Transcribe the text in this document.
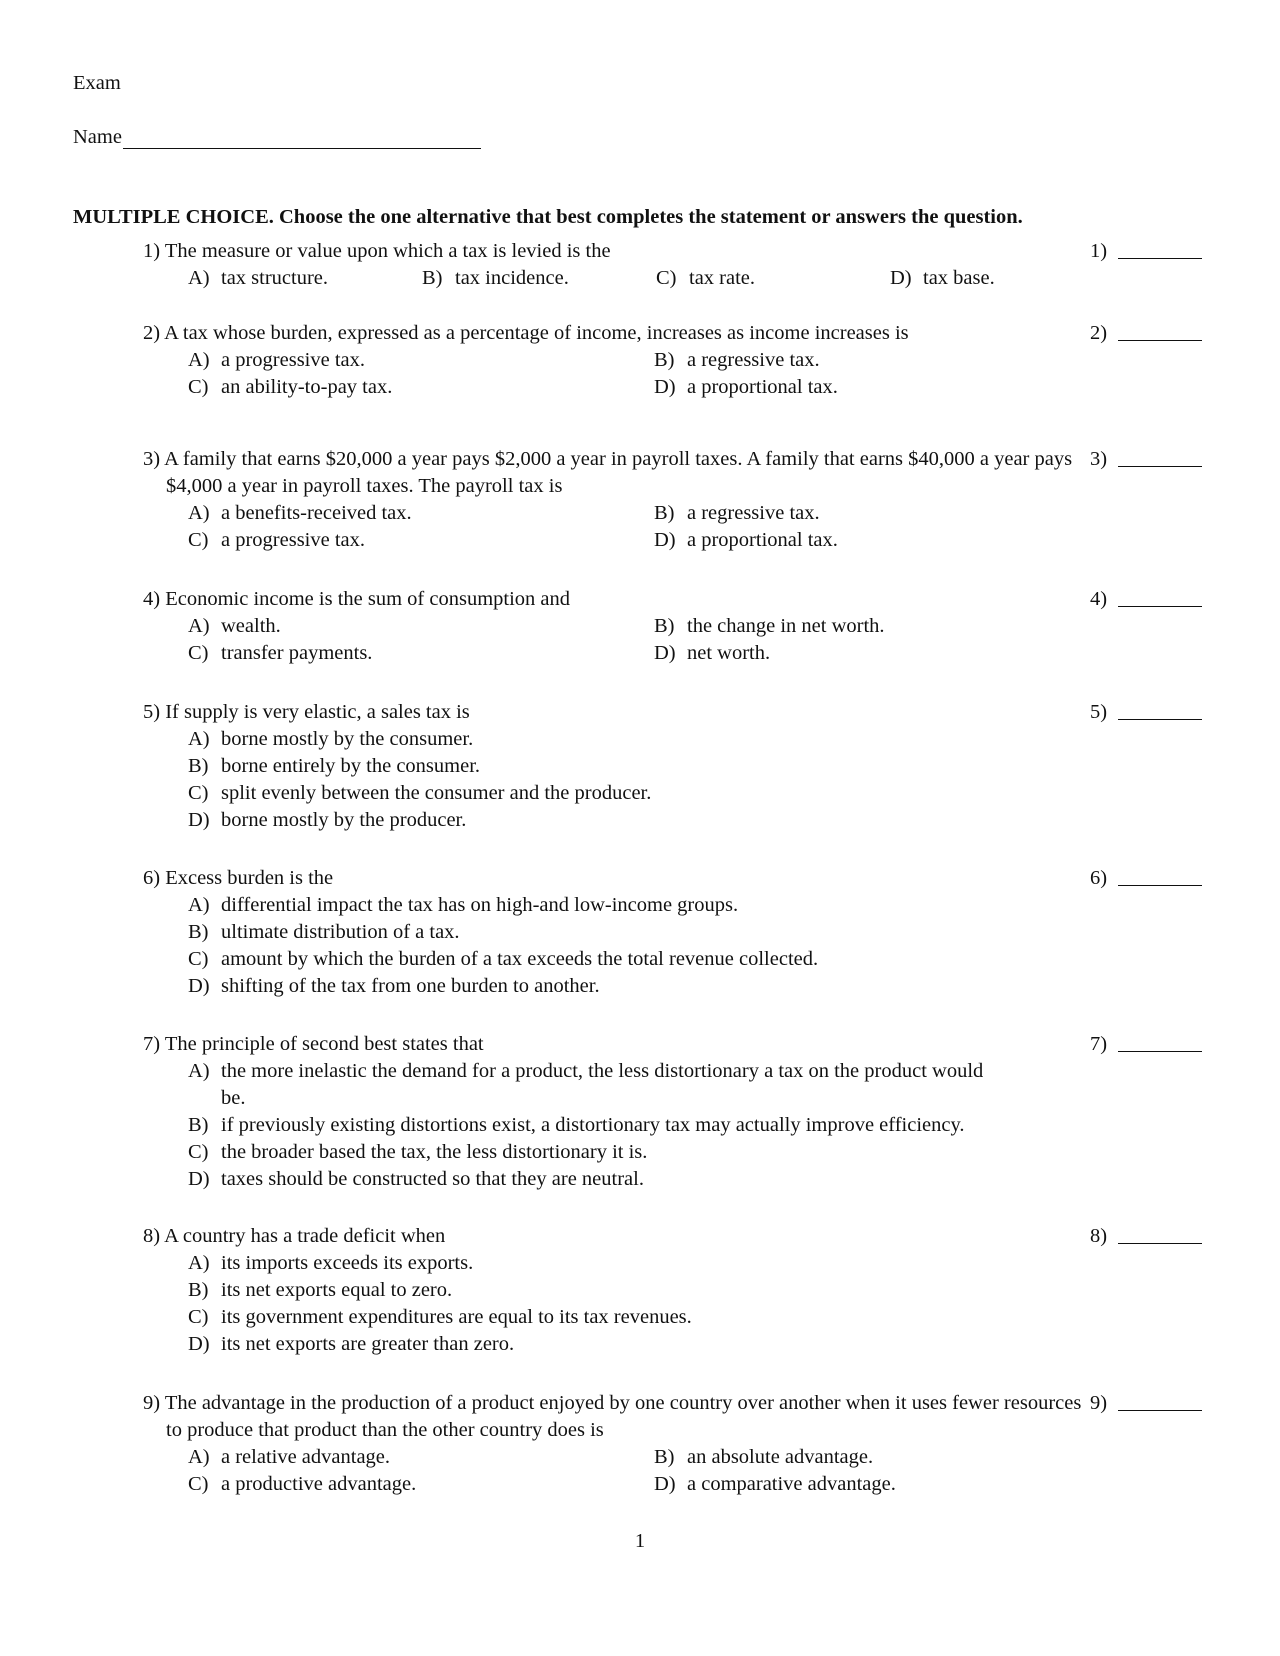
Exam
Name
MULTIPLE CHOICE. Choose the one alternative that best completes the statement or answers the question.
1) The measure or value upon which a tax is levied is the	1)
A) tax structure.	B) tax incidence.	C) tax rate.	D) tax base.
2) A tax whose burden, expressed as a percentage of income, increases as income increases is	2)
A) a progressive tax.	B) a regressive tax.
C) an ability-to-pay tax.	D) a proportional tax.
3) A family that earns $20,000 a year pays $2,000 a year in payroll taxes. A family that earns $40,000 a year pays $4,000 a year in payroll taxes. The payroll tax is
3)
A) a benefits-received tax.	B) a regressive tax.
C) a progressive tax.	D) a proportional tax.
4) Economic income is the sum of consumption and	4)
A) wealth.	B) the change in net worth.
C) transfer payments.	D) net worth.
5) If supply is very elastic, a sales tax is	5)
A) borne mostly by the consumer.
B) borne entirely by the consumer.
C) split evenly between the consumer and the producer.
D) borne mostly by the producer.
6) Excess burden is the	6)
A) differential impact the tax has on high-and low-income groups.
B) ultimate distribution of a tax.
C) amount by which the burden of a tax exceeds the total revenue collected.
D) shifting of the tax from one burden to another.
7) The principle of second best states that	7)
A) the more inelastic the demand for a product, the less distortionary a tax on the product would be.
B) if previously existing distortions exist, a distortionary tax may actually improve efficiency.
C) the broader based the tax, the less distortionary it is.
D) taxes should be constructed so that they are neutral.
8) A country has a trade deficit when	8)
A) its imports exceeds its exports.
B) its net exports equal to zero.
C) its government expenditures are equal to its tax revenues.
D) its net exports are greater than zero.
9) The advantage in the production of a product enjoyed by one country over another when it uses fewer resources to produce that product than the other country does is
9)
A) a relative advantage.	B) an absolute advantage.
C) a productive advantage.	D) a comparative advantage.
1
